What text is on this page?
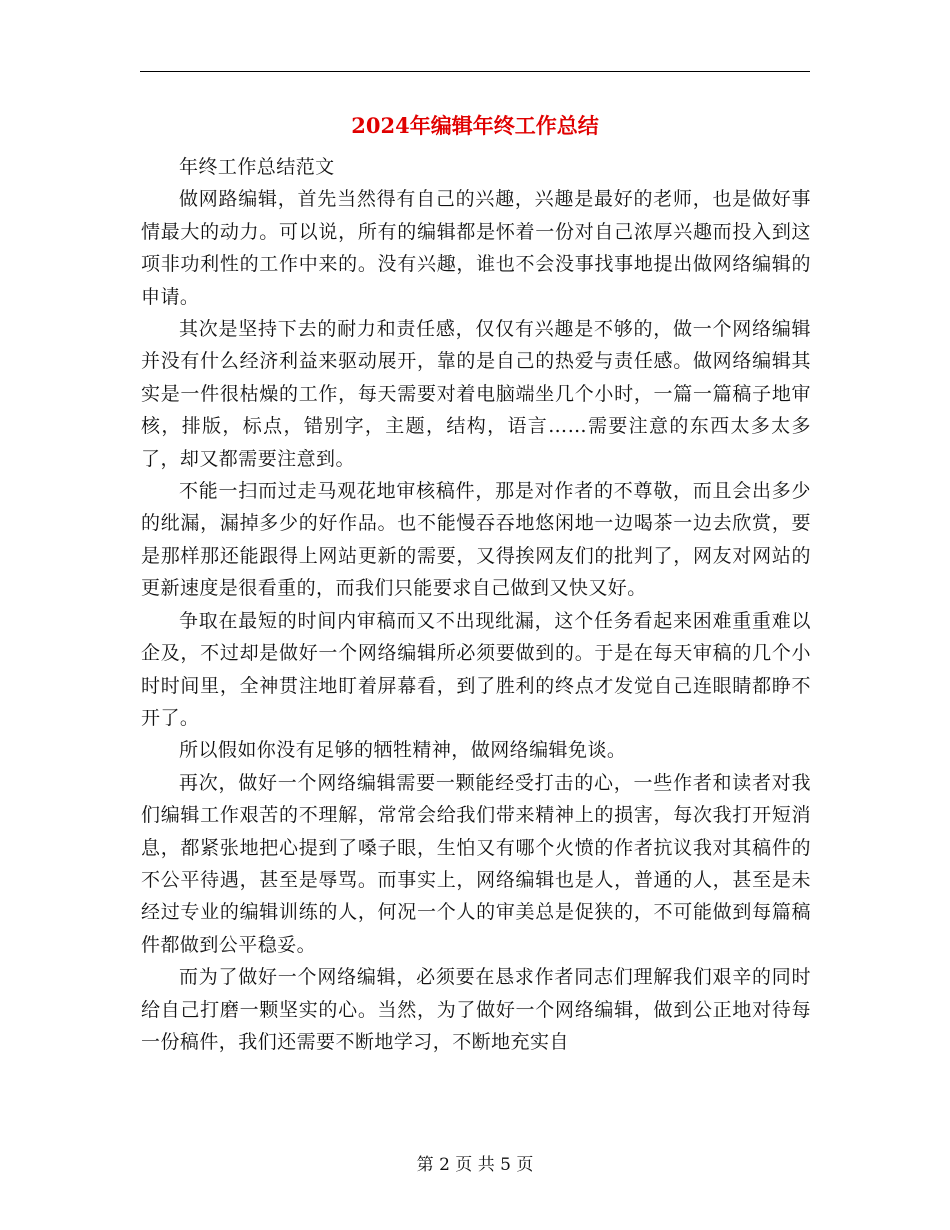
2024年编辑年终工作总结

年终工作总结范文

做网路编辑，首先当然得有自己的兴趣，兴趣是最好的老师，也是做好事情最大的动力。可以说，所有的编辑都是怀着一份对自己浓厚兴趣而投入到这项非功利性的工作中来的。没有兴趣，谁也不会没事找事地提出做网络编辑的申请。

其次是坚持下去的耐力和责任感，仅仅有兴趣是不够的，做一个网络编辑并没有什么经济利益来驱动展开，靠的是自己的热爱与责任感。做网络编辑其实是一件很枯燥的工作，每天需要对着电脑端坐几个小时，一篇一篇稿子地审核，排版，标点，错别字，主题，结构，语言……需要注意的东西太多太多了，却又都需要注意到。

不能一扫而过走马观花地审核稿件，那是对作者的不尊敬，而且会出多少的纰漏，漏掉多少的好作品。也不能慢吞吞地悠闲地一边喝茶一边去欣赏，要是那样那还能跟得上网站更新的需要，又得挨网友们的批判了，网友对网站的更新速度是很看重的，而我们只能要求自己做到又快又好。

争取在最短的时间内审稿而又不出现纰漏，这个任务看起来困难重重难以企及，不过却是做好一个网络编辑所必须要做到的。于是在每天审稿的几个小时时间里，全神贯注地盯着屏幕看，到了胜利的终点才发觉自己连眼睛都睁不开了。

所以假如你没有足够的牺牲精神，做网络编辑免谈。

再次，做好一个网络编辑需要一颗能经受打击的心，一些作者和读者对我们编辑工作艰苦的不理解，常常会给我们带来精神上的损害，每次我打开短消息，都紧张地把心提到了嗓子眼，生怕又有哪个火愤的作者抗议我对其稿件的不公平待遇，甚至是辱骂。而事实上，网络编辑也是人，普通的人，甚至是未经过专业的编辑训练的人，何况一个人的审美总是促狭的，不可能做到每篇稿件都做到公平稳妥。

而为了做好一个网络编辑，必须要在恳求作者同志们理解我们艰辛的同时给自己打磨一颗坚实的心。当然，为了做好一个网络编辑，做到公正地对待每一份稿件，我们还需要不断地学习，不断地充实自

第 2 页 共 5 页
